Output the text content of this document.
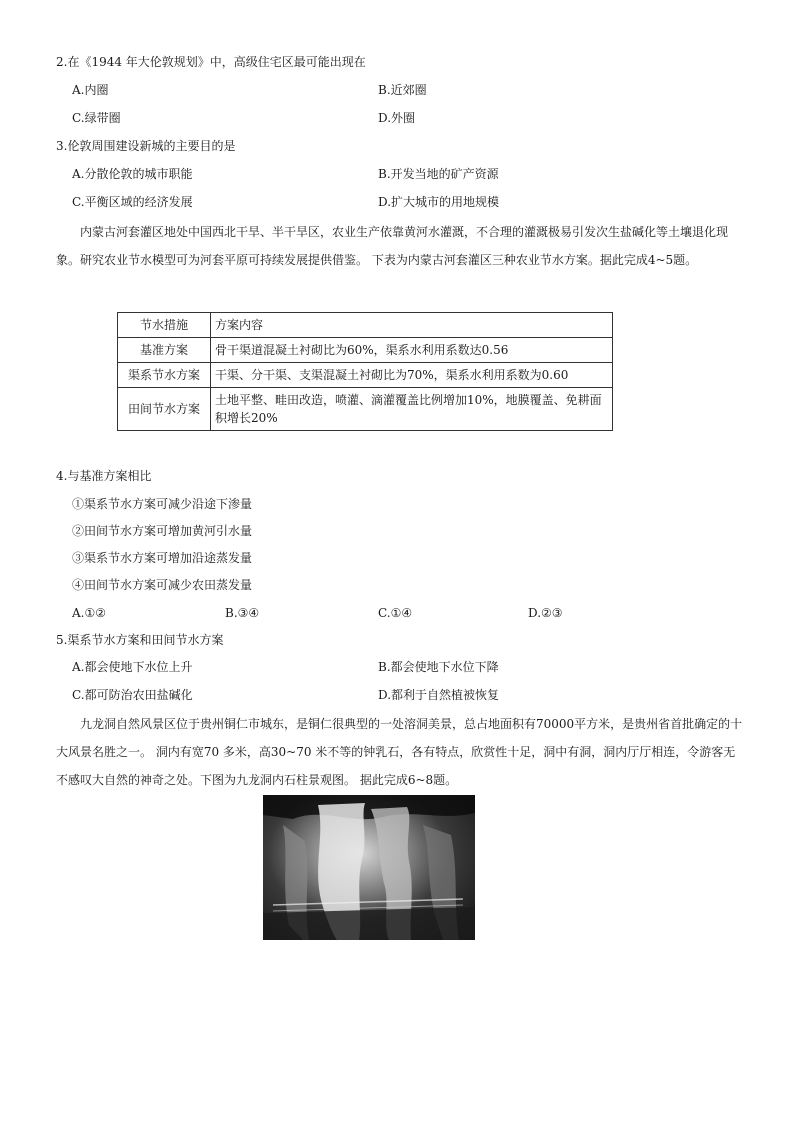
2.在《1944 年大伦敦规划》中，高级住宅区最可能出现在
A.内圈	B.近郊圈
C.绿带圈	D.外圈
3.伦敦周围建设新城的主要目的是
A.分散伦敦的城市职能	B.开发当地的矿产资源
C.平衡区域的经济发展	D.扩大城市的用地规模
内蒙古河套灌区地处中国西北干旱、半干旱区，农业生产依靠黄河水灌溉，不合理的灌溉极易引发次生盐碱化等土壤退化现象。研究农业节水模型可为河套平原可持续发展提供借鉴。 下表为内蒙古河套灌区三种农业节水方案。据此完成4~5题。
节水措施	方案内容
基准方案	骨干渠道混凝土衬砌比为60%，渠系水利用系数达0.56
渠系节水方案	干渠、分干渠、支渠混凝土衬砌比为70%，渠系水利用系数为0.60
田间节水方案	土地平整、畦田改造，喷灌、滴灌覆盖比例增加10%，地膜覆盖、免耕面积增长20%
4.与基准方案相比
①渠系节水方案可减少沿途下渗量
②田间节水方案可增加黄河引水量
③渠系节水方案可增加沿途蒸发量
④田间节水方案可减少农田蒸发量
A.①②	B.③④	C.①④	D.②③
5.渠系节水方案和田间节水方案
A.都会使地下水位上升	B.都会使地下水位下降
C.都可防治农田盐碱化	D.都利于自然植被恢复
九龙洞自然风景区位于贵州铜仁市城东，是铜仁很典型的一处溶洞美景，总占地面积有70000平方米，是贵州省首批确定的十大风景名胜之一。 洞内有宽70 多米，高30~70 米不等的钟乳石，各有特点，欣赏性十足，洞中有洞，洞内厅厅相连，令游客无不感叹大自然的神奇之处。下图为九龙洞内石柱景观图。 据此完成6~8题。
